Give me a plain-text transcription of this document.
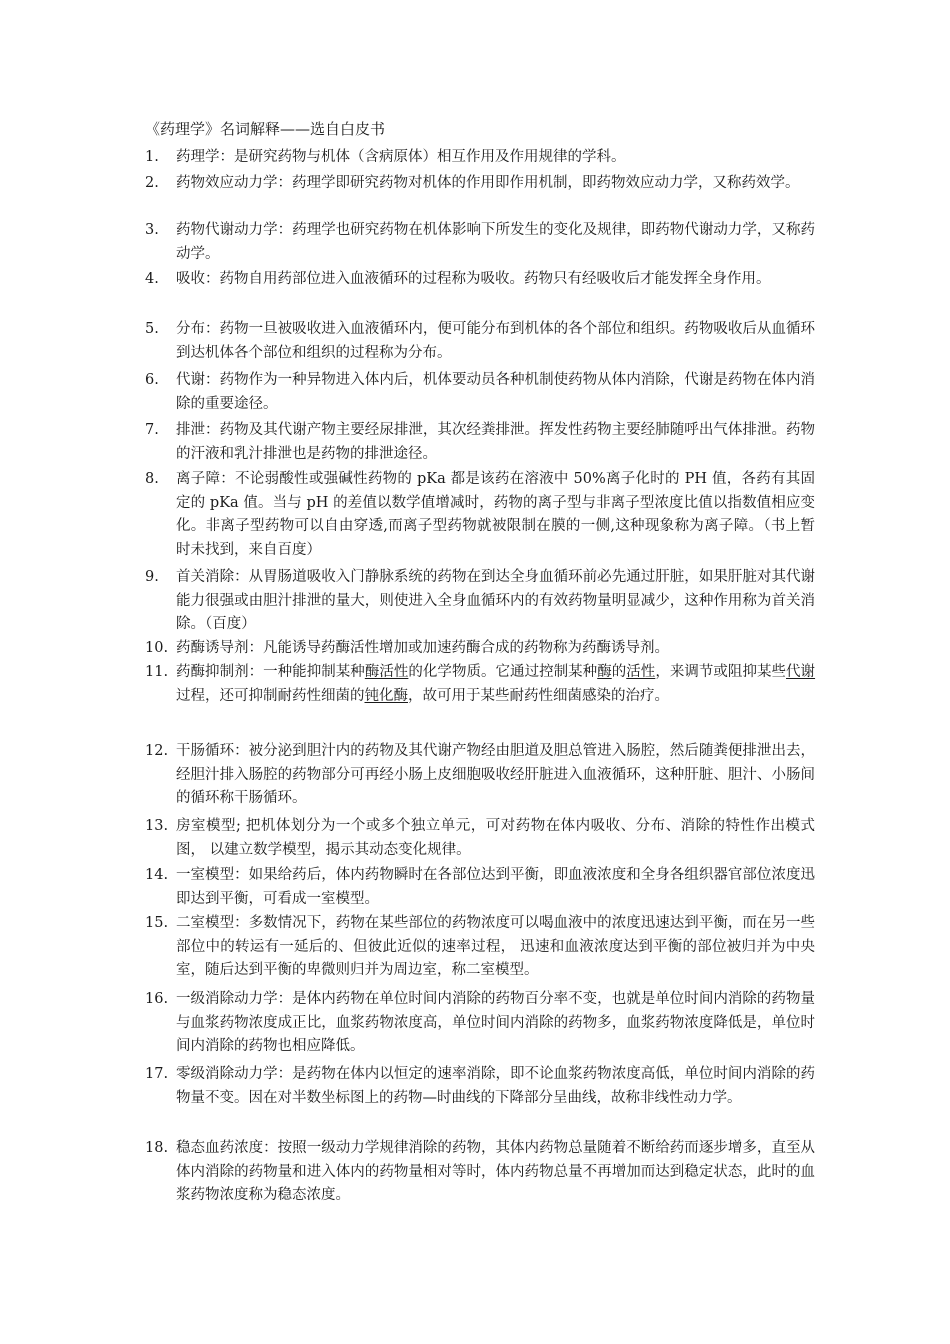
《药理学》名词解释——选自白皮书
1.	药理学：是研究药物与机体（含病原体）相互作用及作用规律的学科。
2.	药物效应动力学：药理学即研究药物对机体的作用即作用机制，即药物效应动力学，又称药效学。
3.	药物代谢动力学：药理学也研究药物在机体影响下所发生的变化及规律，即药物代谢动力学，又称药动学。
4.	吸收：药物自用药部位进入血液循环的过程称为吸收。药物只有经吸收后才能发挥全身作用。
5.	分布：药物一旦被吸收进入血液循环内，便可能分布到机体的各个部位和组织。药物吸收后从血循环到达机体各个部位和组织的过程称为分布。
6.	代谢：药物作为一种异物进入体内后，机体要动员各种机制使药物从体内消除，代谢是药物在体内消除的重要途径。
7.	排泄：药物及其代谢产物主要经尿排泄，其次经粪排泄。挥发性药物主要经肺随呼出气体排泄。药物的汗液和乳汁排泄也是药物的排泄途径。
8.	离子障：不论弱酸性或强碱性药物的 pKa 都是该药在溶液中 50%离子化时的 PH 值，各药有其固定的 pKa 值。当与 pH 的差值以数学值增减时，药物的离子型与非离子型浓度比值以指数值相应变化。非离子型药物可以自由穿透,而离子型药物就被限制在膜的一侧,这种现象称为离子障。（书上暂时未找到，来自百度）
9.	首关消除：从胃肠道吸收入门静脉系统的药物在到达全身血循环前必先通过肝脏，如果肝脏对其代谢能力很强或由胆汁排泄的量大，则使进入全身血循环内的有效药物量明显减少，这种作用称为首关消除。（百度）
10. 药酶诱导剂：凡能诱导药酶活性增加或加速药酶合成的药物称为药酶诱导剂。
11. 药酶抑制剂：一种能抑制某种酶活性的化学物质。它通过控制某种酶的活性，来调节或阻抑某些代谢过程，还可抑制耐药性细菌的钝化酶，故可用于某些耐药性细菌感染的治疗。
12. 干肠循环：被分泌到胆汁内的药物及其代谢产物经由胆道及胆总管进入肠腔，然后随粪便排泄出去，经胆汁排入肠腔的药物部分可再经小肠上皮细胞吸收经肝脏进入血液循环，这种肝脏、胆汁、小肠间的循环称干肠循环。
13. 房室模型; 把机体划分为一个或多个独立单元，可对药物在体内吸收、分布、消除的特性作出模式图， 以建立数学模型，揭示其动态变化规律。
14. 一室模型：如果给药后，体内药物瞬时在各部位达到平衡，即血液浓度和全身各组织器官部位浓度迅即达到平衡，可看成一室模型。
15. 二室模型：多数情况下，药物在某些部位的药物浓度可以喝血液中的浓度迅速达到平衡，而在另一些部位中的转运有一延后的、但彼此近似的速率过程， 迅速和血液浓度达到平衡的部位被归并为中央室，随后达到平衡的卑微则归并为周边室，称二室模型。
16. 一级消除动力学：是体内药物在单位时间内消除的药物百分率不变，也就是单位时间内消除的药物量与血浆药物浓度成正比，血浆药物浓度高，单位时间内消除的药物多，血浆药物浓度降低是，单位时间内消除的药物也相应降低。
17. 零级消除动力学：是药物在体内以恒定的速率消除，即不论血浆药物浓度高低，单位时间内消除的药物量不变。因在对半数坐标图上的药物—时曲线的下降部分呈曲线，故称非线性动力学。
18. 稳态血药浓度：按照一级动力学规律消除的药物，其体内药物总量随着不断给药而逐步增多，直至从体内消除的药物量和进入体内的药物量相对等时，体内药物总量不再增加而达到稳定状态，此时的血浆药物浓度称为稳态浓度。
